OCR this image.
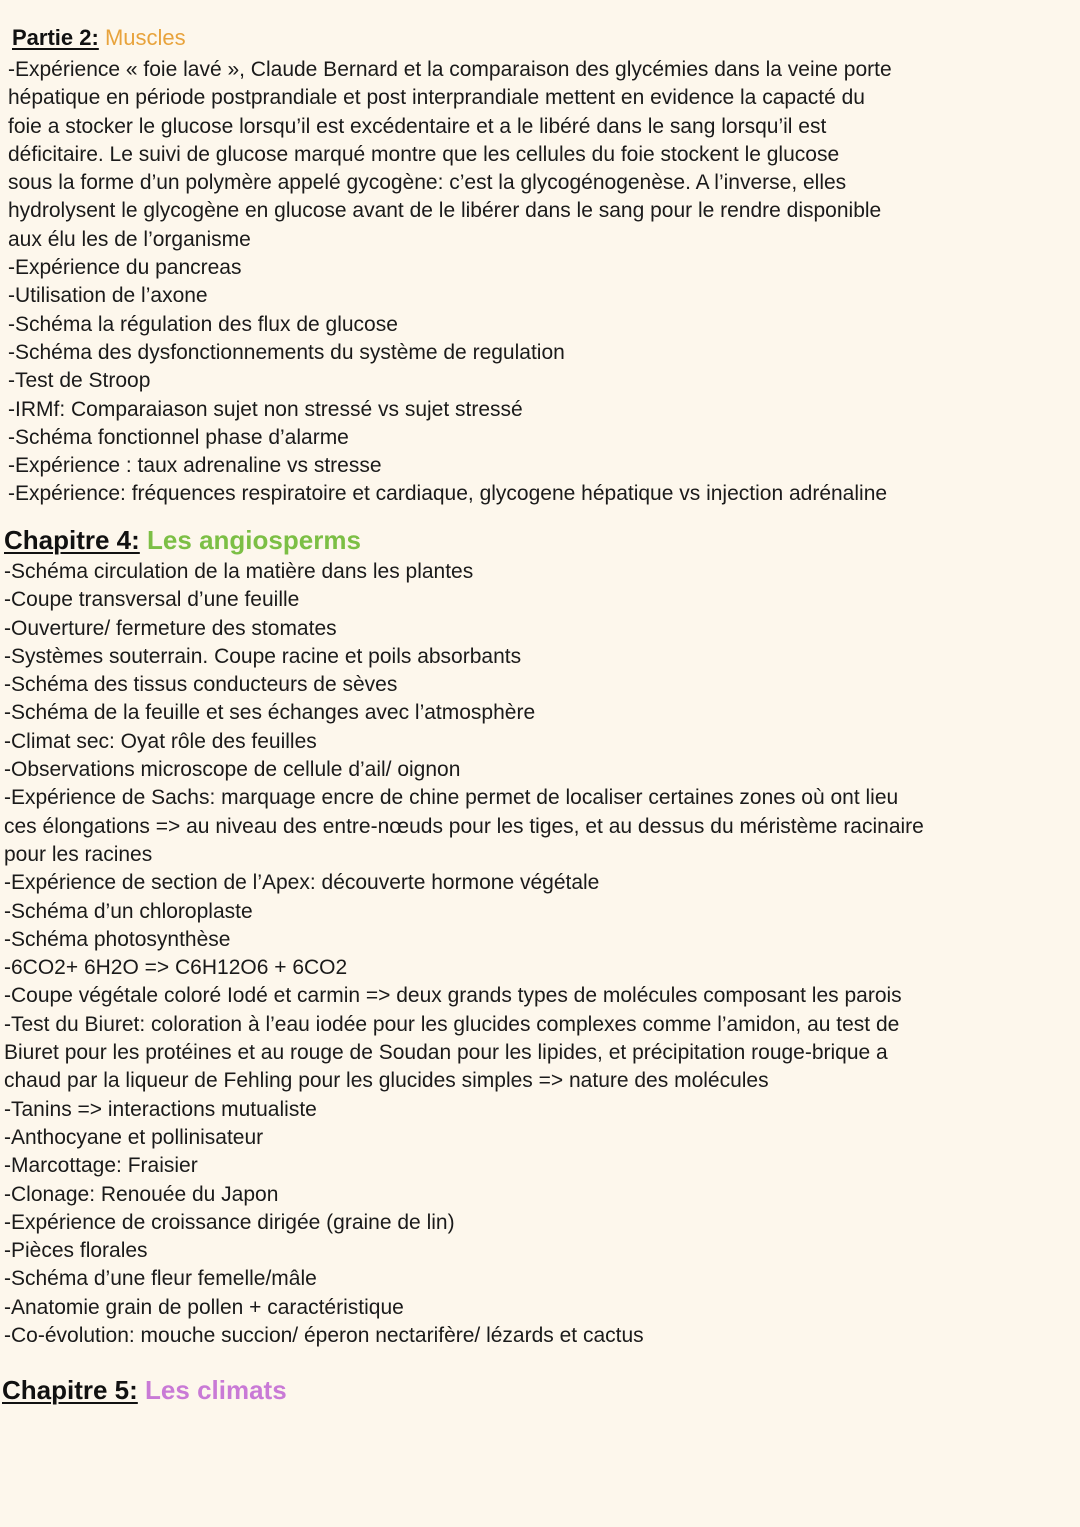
Partie 2: Muscles

-Expérience « foie lavé », Claude Bernard et la comparaison des glycémies dans la veine porte

hépatique en période postprandiale et post interprandiale mettent en evidence la capacté du

foie a stocker le glucose lorsqu’il est excédentaire et a le libéré dans le sang lorsqu’il est

déficitaire. Le suivi de glucose marqué montre que les cellules du foie stockent le glucose

sous la forme d’un polymère appelé gycogène: c’est la glycogénogenèse. A l’inverse, elles

hydrolysent le glycogène en glucose avant de le libérer dans le sang pour le rendre disponible

aux élu les de l’organisme

-Expérience du pancreas

-Utilisation de l’axone

-Schéma la régulation des flux de glucose

-Schéma des dysfonctionnements du système de regulation

-Test de Stroop

-IRMf: Comparaiason sujet non stressé vs sujet stressé

-Schéma fonctionnel phase d’alarme

-Expérience : taux adrenaline vs stresse

-Expérience: fréquences respiratoire et cardiaque, glycogene hépatique vs injection adrénaline

Chapitre 4: Les angiosperms

-Schéma circulation de la matière dans les plantes

-Coupe transversal d’une feuille

-Ouverture/ fermeture des stomates

-Systèmes souterrain. Coupe racine et poils absorbants

-Schéma des tissus conducteurs de sèves

-Schéma de la feuille et ses échanges avec l’atmosphère

-Climat sec: Oyat rôle des feuilles

-Observations microscope de cellule d’ail/ oignon

-Expérience de Sachs: marquage encre de chine permet de localiser certaines zones où ont lieu

ces élongations => au niveau des entre-nœuds pour les tiges, et au dessus du méristème racinaire

pour les racines

-Expérience de section de l’Apex: découverte hormone végétale

-Schéma d’un chloroplaste

-Schéma photosynthèse

-6CO2+ 6H2O => C6H12O6 + 6CO2

-Coupe végétale coloré Iodé et carmin => deux grands types de molécules composant les parois

-Test du Biuret: coloration à l’eau iodée pour les glucides complexes comme l’amidon, au test de

Biuret pour les protéines et au rouge de Soudan pour les lipides, et précipitation rouge-brique a

chaud par la liqueur de Fehling pour les glucides simples => nature des molécules

-Tanins => interactions mutualiste

-Anthocyane et pollinisateur

-Marcottage: Fraisier

-Clonage: Renouée du Japon

-Expérience de croissance dirigée (graine de lin)

-Pièces florales

-Schéma d’une fleur femelle/mâle

-Anatomie grain de pollen + caractéristique

-Co-évolution: mouche succion/ éperon nectarifère/ lézards et cactus

Chapitre 5: Les climats
